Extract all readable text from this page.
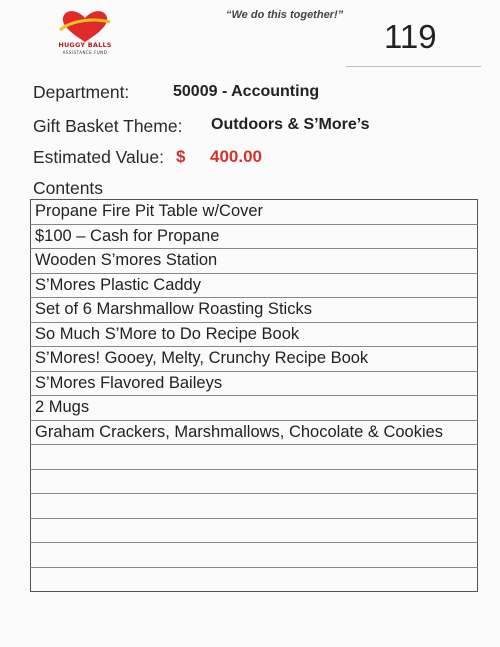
HUGGY BALLS
ASSISTANCE FUND
“We do this together!”
119
Department:	50009 - Accounting
Gift Basket Theme: Outdoors & S’More’s
Estimated Value: $ 400.00
Contents
Propane Fire Pit Table w/Cover
$100 – Cash for Propane
Wooden S’mores Station
S’Mores Plastic Caddy
Set of 6 Marshmallow Roasting Sticks
So Much S’More to Do Recipe Book
S’Mores! Gooey, Melty, Crunchy Recipe Book
S’Mores Flavored Baileys
2 Mugs
Graham Crackers, Marshmallows, Chocolate & Cookies
